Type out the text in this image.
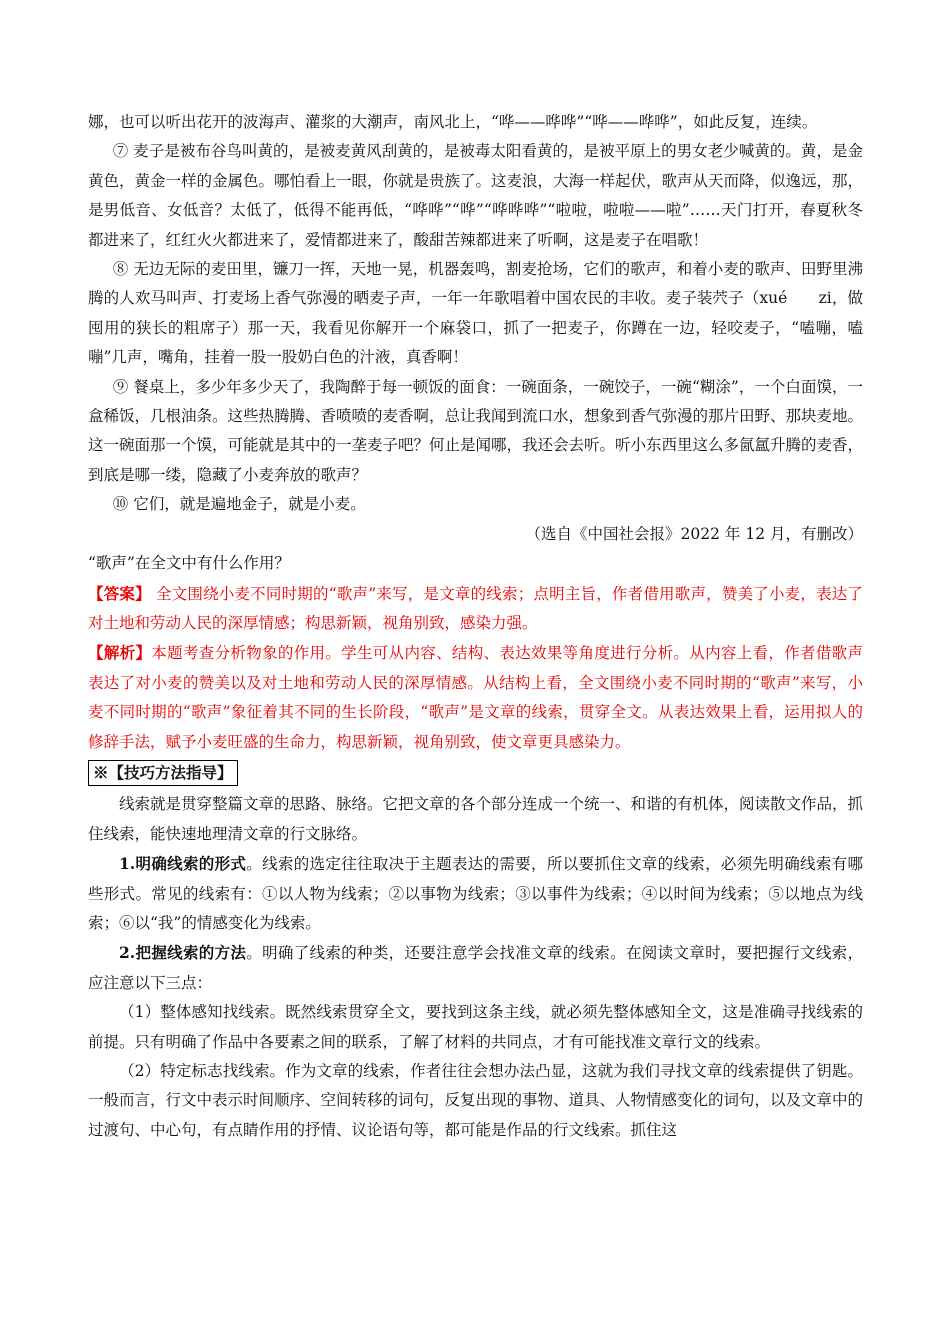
娜，也可以听出花开的波海声、灌浆的大潮声，南风北上，“哗——哗哗”“哗——哗哗”，如此反复，连续。

⑦ 麦子是被布谷鸟叫黄的，是被麦黄风刮黄的，是被毒太阳看黄的，是被平原上的男女老少喊黄的。黄，是金黄色，黄金一样的金属色。哪怕看上一眼，你就是贵族了。这麦浪，大海一样起伏，歌声从天而降，似逸远，那，是男低音、女低音？太低了，低得不能再低，“哗哗”“哗”“哗哗哗”“啦啦，啦啦——啦”……天门打开，春夏秋冬都进来了，红红火火都进来了，爱情都进来了，酸甜苦辣都进来了听啊，这是麦子在唱歌！

⑧ 无边无际的麦田里，镰刀一挥，天地一晃，机器轰鸣，割麦抢场，它们的歌声，和着小麦的歌声、田野里沸腾的人欢马叫声、打麦场上香气弥漫的晒麦子声，一年一年歌唱着中国农民的丰收。麦子装茓子（xué　　zi，做囤用的狭长的粗席子）那一天，我看见你解开一个麻袋口，抓了一把麦子，你蹲在一边，轻咬麦子，“嗑嘣，嗑嘣”几声，嘴角，挂着一股一股奶白色的汁液，真香啊！

⑨ 餐桌上，多少年多少天了，我陶醉于每一顿饭的面食：一碗面条，一碗饺子，一碗“糊涂”，一个白面馍，一盒稀饭，几根油条。这些热腾腾、香喷喷的麦香啊，总让我闻到流口水，想象到香气弥漫的那片田野、那块麦地。这一碗面那一个馍，可能就是其中的一垄麦子吧？何止是闻哪，我还会去听。听小东西里这么多氤氲升腾的麦香，到底是哪一缕，隐藏了小麦奔放的歌声？

⑩ 它们，就是遍地金子，就是小麦。

（选自《中国社会报》2022 年 12 月，有删改）

“歌声”在全文中有什么作用？

【答案】 全文围绕小麦不同时期的“歌声”来写，是文章的线索；点明主旨，作者借用歌声，赞美了小麦，表达了对土地和劳动人民的深厚情感；构思新颖，视角别致，感染力强。

【解析】本题考查分析物象的作用。学生可从内容、结构、表达效果等角度进行分析。从内容上看，作者借歌声表达了对小麦的赞美以及对土地和劳动人民的深厚情感。从结构上看，全文围绕小麦不同时期的“歌声”来写，小麦不同时期的“歌声”象征着其不同的生长阶段，“歌声”是文章的线索，贯穿全文。从表达效果上看，运用拟人的修辞手法，赋予小麦旺盛的生命力，构思新颖，视角别致，使文章更具感染力。

※【技巧方法指导】

线索就是贯穿整篇文章的思路、脉络。它把文章的各个部分连成一个统一、和谐的有机体，阅读散文作品，抓住线索，能快速地理清文章的行文脉络。

1.明确线索的形式。线索的选定往往取决于主题表达的需要，所以要抓住文章的线索，必须先明确线索有哪些形式。常见的线索有：①以人物为线索；②以事物为线索；③以事件为线索；④以时间为线索；⑤以地点为线索；⑥以“我”的情感变化为线索。

2.把握线索的方法。明确了线索的种类，还要注意学会找准文章的线索。在阅读文章时，要把握行文线索，应注意以下三点：

（1）整体感知找线索。既然线索贯穿全文，要找到这条主线，就必须先整体感知全文，这是准确寻找线索的前提。只有明确了作品中各要素之间的联系，了解了材料的共同点，才有可能找准文章行文的线索。

（2）特定标志找线索。作为文章的线索，作者往往会想办法凸显，这就为我们寻找文章的线索提供了钥匙。一般而言，行文中表示时间顺序、空间转移的词句，反复出现的事物、道具、人物情感变化的词句，以及文章中的过渡句、中心句，有点睛作用的抒情、议论语句等，都可能是作品的行文线索。抓住这
